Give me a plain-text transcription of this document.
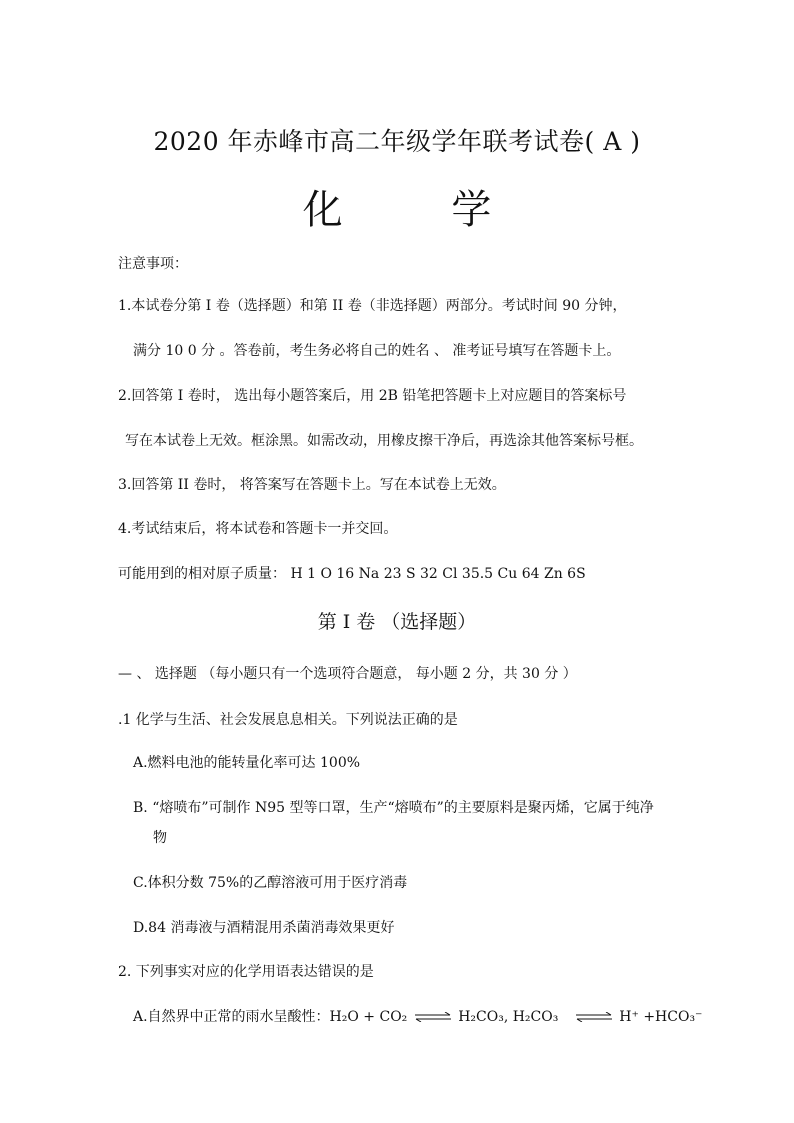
2020 年赤峰市高二年级学年联考试卷( A )
化 学
注意事项：
1.本试卷分第 I 卷（选择题）和第 II 卷（非选择题）两部分。考试时间 90 分钟，
满分 10 0 分 。答卷前，考生务必将自己的姓名 、 准考证号填写在答题卡上。
2.回答第 I 卷时， 选出每小题答案后，用 2B 铅笔把答题卡上对应题目的答案标号
写在本试卷上无效。框涂黑。如需改动，用橡皮擦干净后，再选涂其他答案标号框。
3.回答第 II 卷时， 将答案写在答题卡上。写在本试卷上无效。
4.考试结束后，将本试卷和答题卡一并交回。
可能用到的相对原子质量： H 1 O 16 Na 23 S 32 Cl 35.5 Cu 64 Zn 6S
第 I 卷 （选择题）
— 、 选择题 （每小题只有一个选项符合题意， 每小题 2 分，共 30 分 ）
.1 化学与生活、社会发展息息相关。下列说法正确的是
A.燃料电池的能转量化率可达 100%
B. “熔喷布”可制作 N95 型等口罩，生产“熔喷布”的主要原料是聚丙烯，它属于纯净
物
C.体积分数 75%的乙醇溶液可用于医疗消毒
D.84 消毒液与酒精混用杀菌消毒效果更好
2. 下列事实对应的化学用语表达错误的是
A.自然界中正常的雨水呈酸性：H₂O + CO₂ ⇌ H₂CO₃, H₂CO₃ ⇌ H⁺ +HCO₃⁻
